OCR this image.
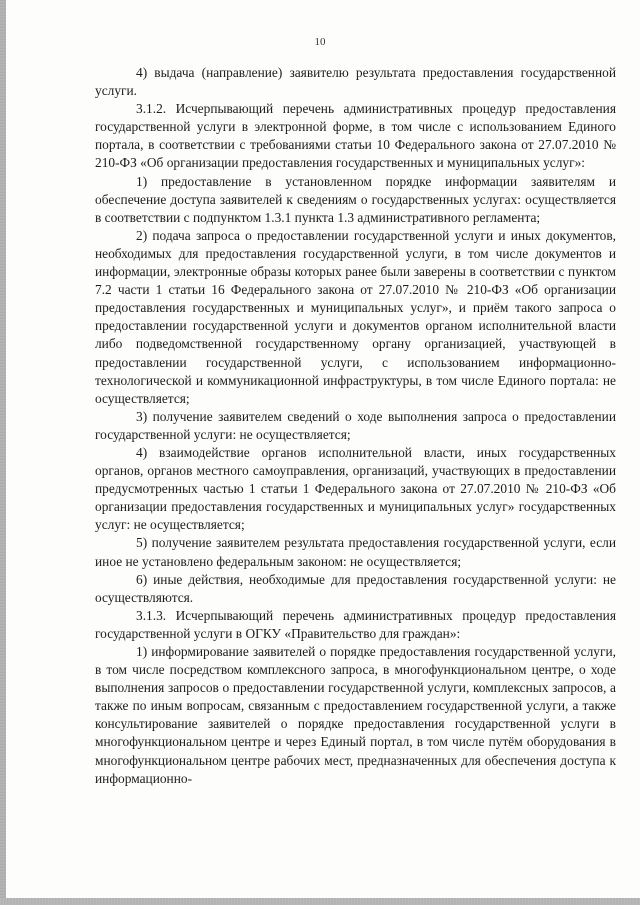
10

4) выдача (направление) заявителю результата предоставления государственной услуги.

3.1.2. Исчерпывающий перечень административных процедур предоставления государственной услуги в электронной форме, в том числе с использованием Единого портала, в соответствии с требованиями статьи 10 Федерального закона от 27.07.2010 № 210-ФЗ «Об организации предоставления государственных и муниципальных услуг»:

1) предоставление в установленном порядке информации заявителям и обеспечение доступа заявителей к сведениям о государственных услугах: осуществляется в соответствии с подпунктом 1.3.1 пункта 1.3 административного регламента;

2) подача запроса о предоставлении государственной услуги и иных документов, необходимых для предоставления государственной услуги, в том числе документов и информации, электронные образы которых ранее были заверены в соответствии с пунктом 7.2 части 1 статьи 16 Федерального закона от 27.07.2010 № 210-ФЗ «Об организации предоставления государственных и муниципальных услуг», и приём такого запроса о предоставлении государственной услуги и документов органом исполнительной власти либо подведомственной государственному органу организацией, участвующей в предоставлении государственной услуги, с использованием информационно-технологической и коммуникационной инфраструктуры, в том числе Единого портала: не осуществляется;

3) получение заявителем сведений о ходе выполнения запроса о предоставлении государственной услуги: не осуществляется;

4) взаимодействие органов исполнительной власти, иных государственных органов, органов местного самоуправления, организаций, участвующих в предоставлении предусмотренных частью 1 статьи 1 Федерального закона от 27.07.2010 № 210-ФЗ «Об организации предоставления государственных и муниципальных услуг» государственных услуг: не осуществляется;

5) получение заявителем результата предоставления государственной услуги, если иное не установлено федеральным законом: не осуществляется;

6) иные действия, необходимые для предоставления государственной услуги: не осуществляются.

3.1.3. Исчерпывающий перечень административных процедур предоставления государственной услуги в ОГКУ «Правительство для граждан»:

1) информирование заявителей о порядке предоставления государственной услуги, в том числе посредством комплексного запроса, в многофункциональном центре, о ходе выполнения запросов о предоставлении государственной услуги, комплексных запросов, а также по иным вопросам, связанным с предоставлением государственной услуги, а также консультирование заявителей о порядке предоставления государственной услуги в многофункциональном центре и через Единый портал, в том числе путём оборудования в многофункциональном центре рабочих мест, предназначенных для обеспечения доступа к информационно-
